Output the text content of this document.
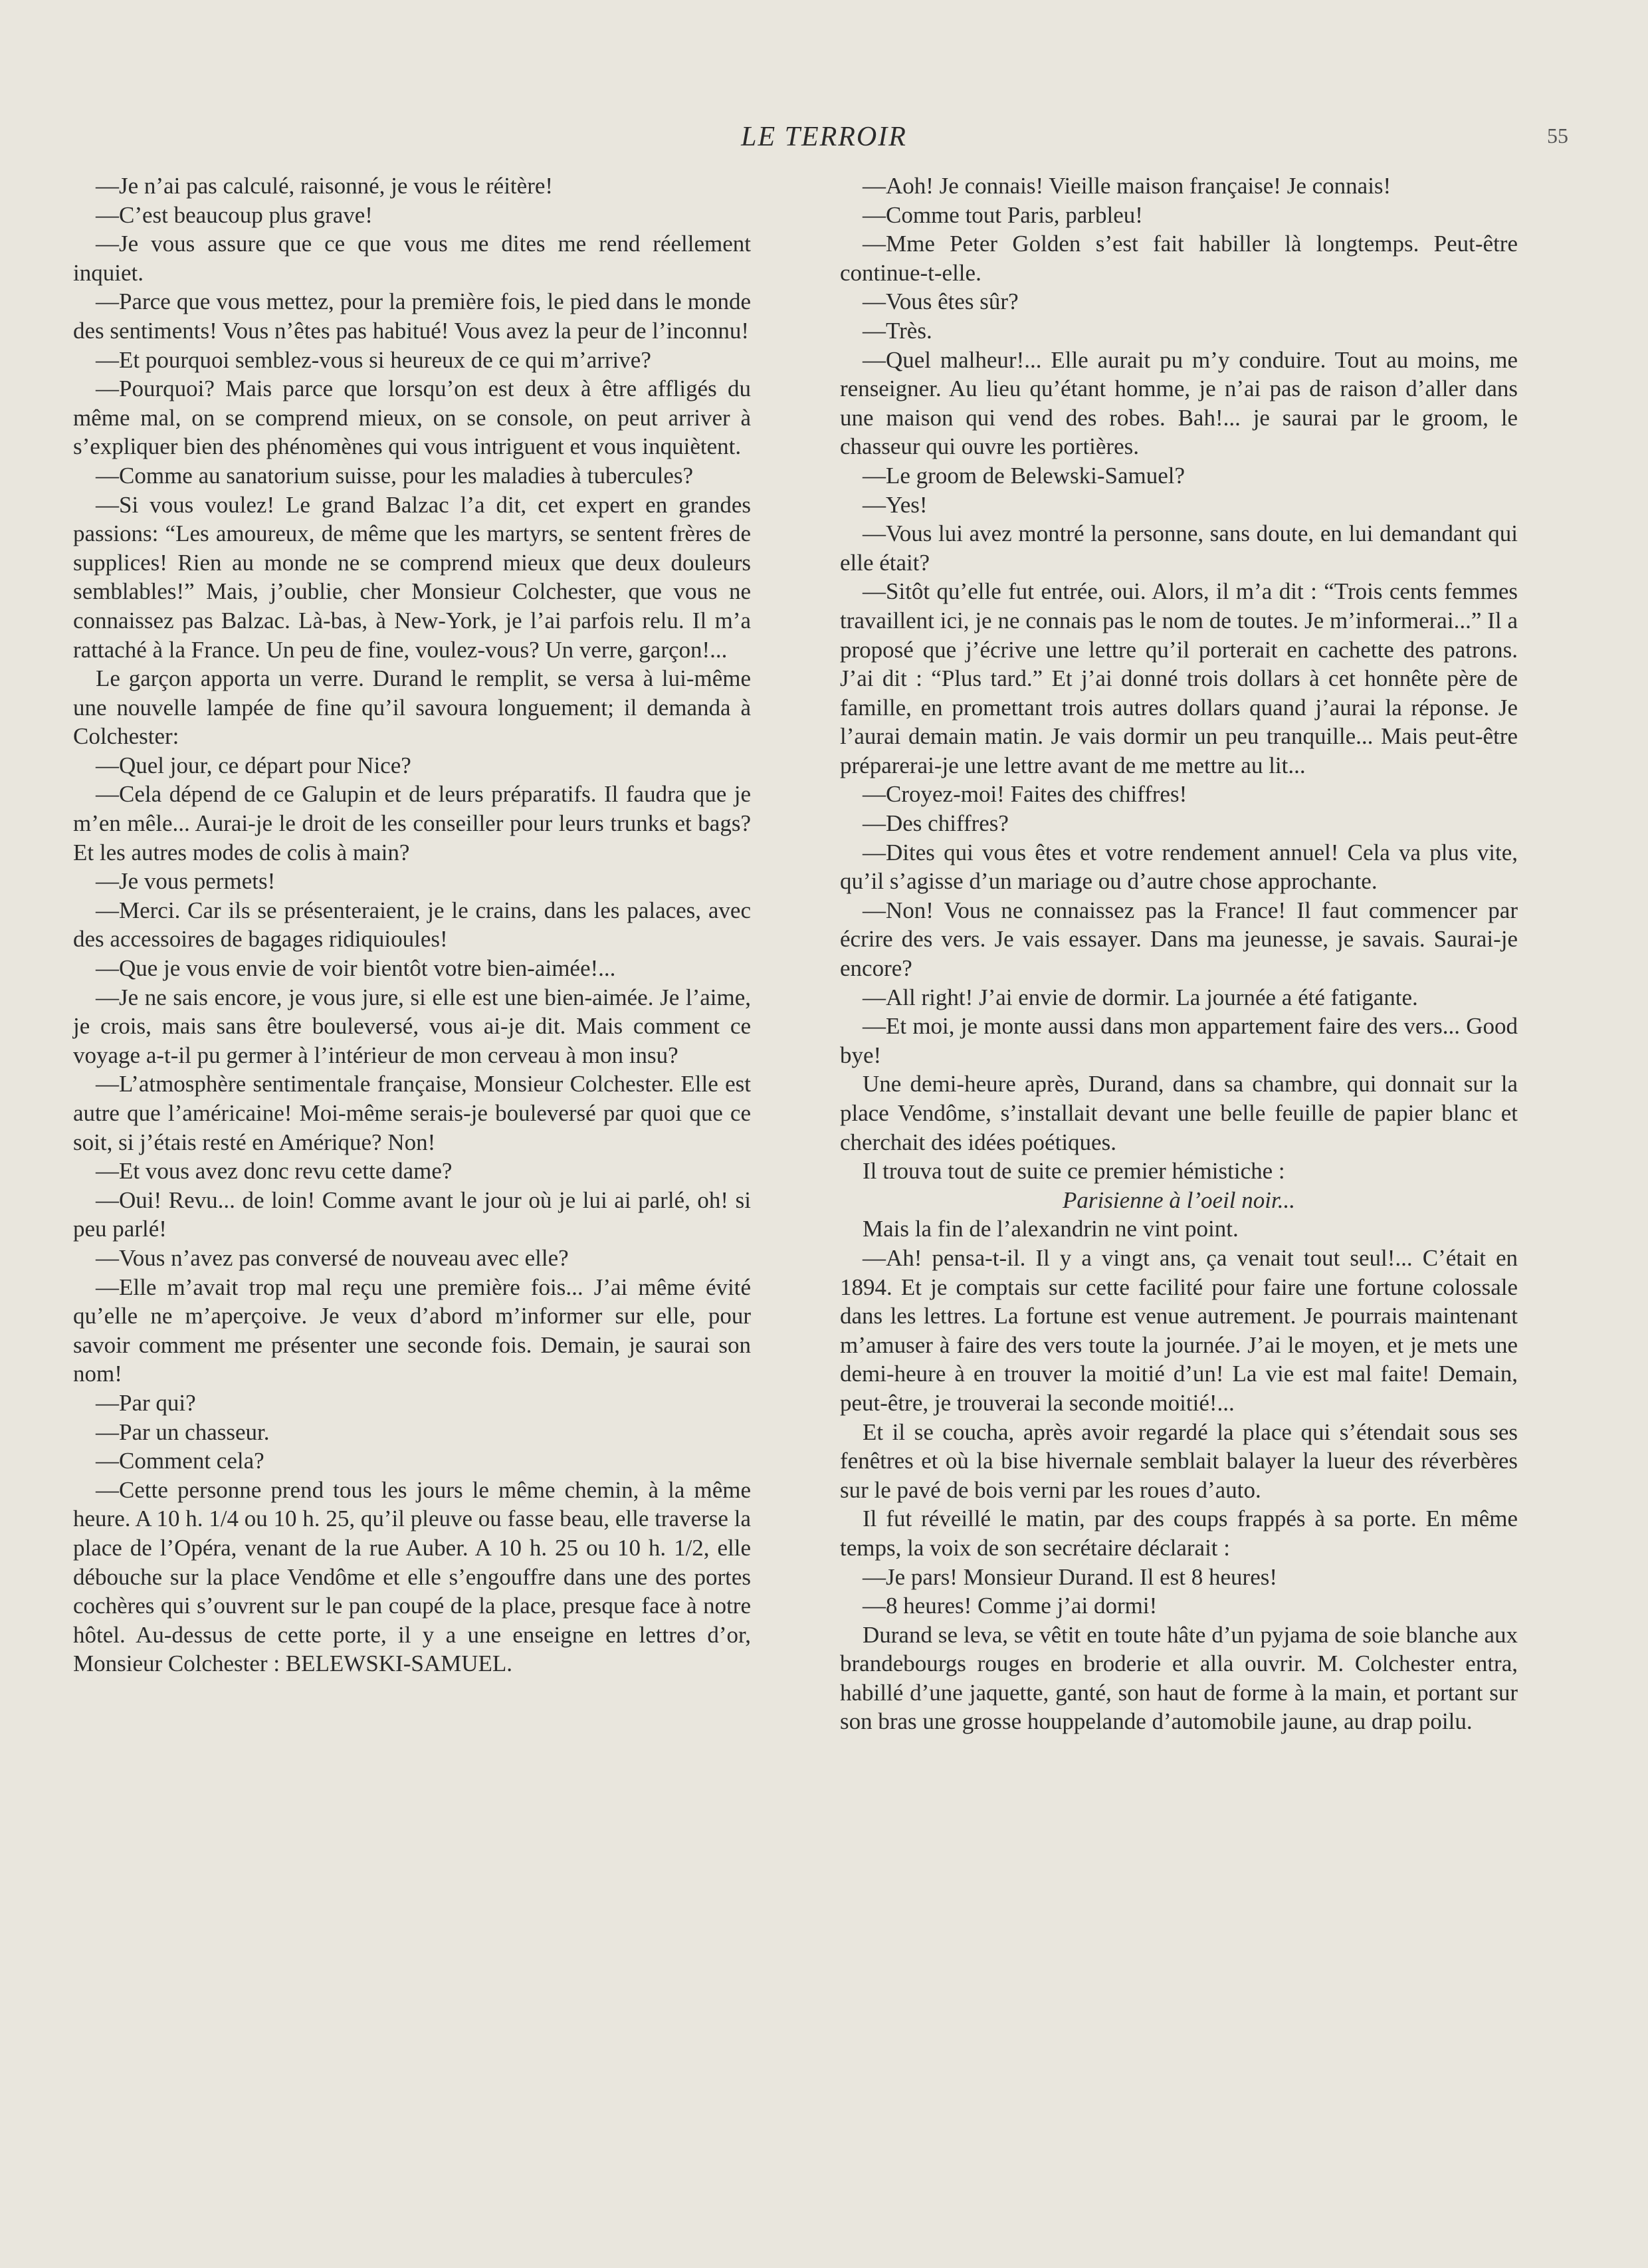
LE TERROIR	55

—Je n’ai pas calculé, raisonné, je vous le réitère!

—C’est beaucoup plus grave!

—Je vous assure que ce que vous me dites me rend réellement inquiet.

—Parce que vous mettez, pour la première fois, le pied dans le monde des sentiments! Vous n’êtes pas habitué! Vous avez la peur de l’inconnu!

—Et pourquoi semblez-vous si heureux de ce qui m’arrive?

—Pourquoi? Mais parce que lorsqu’on est deux à être affligés du même mal, on se comprend mieux, on se console, on peut arriver à s’expliquer bien des phénomènes qui vous intriguent et vous inquiètent.

—Comme au sanatorium suisse, pour les maladies à tubercules?

—Si vous voulez! Le grand Balzac l’a dit, cet expert en grandes passions: “Les amoureux, de même que les martyrs, se sentent frères de supplices! Rien au monde ne se comprend mieux que deux douleurs semblables!” Mais, j’oublie, cher Monsieur Colchester, que vous ne connaissez pas Balzac. Là-bas, à New-York, je l’ai parfois relu. Il m’a rattaché à la France. Un peu de fine, voulez-vous? Un verre, garçon!...

Le garçon apporta un verre. Durand le remplit, se versa à lui-même une nouvelle lampée de fine qu’il savoura longuement; il demanda à Colchester:

—Quel jour, ce départ pour Nice?

—Cela dépend de ce Galupin et de leurs préparatifs. Il faudra que je m’en mêle... Aurai-je le droit de les conseiller pour leurs trunks et bags? Et les autres modes de colis à main?

—Je vous permets!

—Merci. Car ils se présenteraient, je le crains, dans les palaces, avec des accessoires de bagages ridiquioules!

—Que je vous envie de voir bientôt votre bien-aimée!...

—Je ne sais encore, je vous jure, si elle est une bien-aimée. Je l’aime, je crois, mais sans être bouleversé, vous ai-je dit. Mais comment ce voyage a-t-il pu germer à l’intérieur de mon cerveau à mon insu?

—L’atmosphère sentimentale française, Monsieur Colchester. Elle est autre que l’américaine! Moi-même serais-je bouleversé par quoi que ce soit, si j’étais resté en Amérique? Non!

—Et vous avez donc revu cette dame?

—Oui! Revu... de loin! Comme avant le jour où je lui ai parlé, oh! si peu parlé!

—Vous n’avez pas conversé de nouveau avec elle?

—Elle m’avait trop mal reçu une première fois... J’ai même évité qu’elle ne m’aperçoive. Je veux d’abord m’informer sur elle, pour savoir comment me présenter une seconde fois. Demain, je saurai son nom!

—Par qui?

—Par un chasseur.

—Comment cela?

—Cette personne prend tous les jours le même chemin, à la même heure. A 10 h. 1/4 ou 10 h. 25, qu’il pleuve ou fasse beau, elle traverse la place de l’Opéra, venant de la rue Auber. A 10 h. 25 ou 10 h. 1/2, elle débouche sur la place Vendôme et elle s’engouffre dans une des portes cochères qui s’ouvrent sur le pan coupé de la place, presque face à notre hôtel. Au-dessus de cette porte, il y a une enseigne en lettres d’or, Monsieur Colchester : BELEWSKI-SAMUEL.

—Aoh! Je connais! Vieille maison française! Je connais!

—Comme tout Paris, parbleu!

—Mme Peter Golden s’est fait habiller là longtemps. Peut-être continue-t-elle.

—Vous êtes sûr?

—Très.

—Quel malheur!... Elle aurait pu m’y conduire. Tout au moins, me renseigner. Au lieu qu’étant homme, je n’ai pas de raison d’aller dans une maison qui vend des robes. Bah!... je saurai par le groom, le chasseur qui ouvre les portières.

—Le groom de Belewski-Samuel?

—Yes!

—Vous lui avez montré la personne, sans doute, en lui demandant qui elle était?

—Sitôt qu’elle fut entrée, oui. Alors, il m’a dit : “Trois cents femmes travaillent ici, je ne connais pas le nom de toutes. Je m’informerai...” Il a proposé que j’écrive une lettre qu’il porterait en cachette des patrons. J’ai dit : “Plus tard.” Et j’ai donné trois dollars à cet honnête père de famille, en promettant trois autres dollars quand j’aurai la réponse. Je l’aurai demain matin. Je vais dormir un peu tranquille... Mais peut-être préparerai-je une lettre avant de me mettre au lit...

—Croyez-moi! Faites des chiffres!

—Des chiffres?

—Dites qui vous êtes et votre rendement annuel! Cela va plus vite, qu’il s’agisse d’un mariage ou d’autre chose approchante.

—Non! Vous ne connaissez pas la France! Il faut commencer par écrire des vers. Je vais essayer. Dans ma jeunesse, je savais. Saurai-je encore?

—All right! J’ai envie de dormir. La journée a été fatigante.

—Et moi, je monte aussi dans mon appartement faire des vers... Good bye!

Une demi-heure après, Durand, dans sa chambre, qui donnait sur la place Vendôme, s’installait devant une belle feuille de papier blanc et cherchait des idées poétiques.

Il trouva tout de suite ce premier hémistiche :

Parisienne à l’oeil noir...

Mais la fin de l’alexandrin ne vint point.

—Ah! pensa-t-il. Il y a vingt ans, ça venait tout seul!... C’était en 1894. Et je comptais sur cette facilité pour faire une fortune colossale dans les lettres. La fortune est venue autrement. Je pourrais maintenant m’amuser à faire des vers toute la journée. J’ai le moyen, et je mets une demi-heure à en trouver la moitié d’un! La vie est mal faite! Demain, peut-être, je trouverai la seconde moitié!...

Et il se coucha, après avoir regardé la place qui s’étendait sous ses fenêtres et où la bise hivernale semblait balayer la lueur des réverbères sur le pavé de bois verni par les roues d’auto.

Il fut réveillé le matin, par des coups frappés à sa porte. En même temps, la voix de son secrétaire déclarait :

—Je pars! Monsieur Durand. Il est 8 heures!

—8 heures! Comme j’ai dormi!

Durand se leva, se vêtit en toute hâte d’un pyjama de soie blanche aux brandebourgs rouges en broderie et alla ouvrir. M. Colchester entra, habillé d’une jaquette, ganté, son haut de forme à la main, et portant sur son bras une grosse houppelande d’automobile jaune, au drap poilu.
